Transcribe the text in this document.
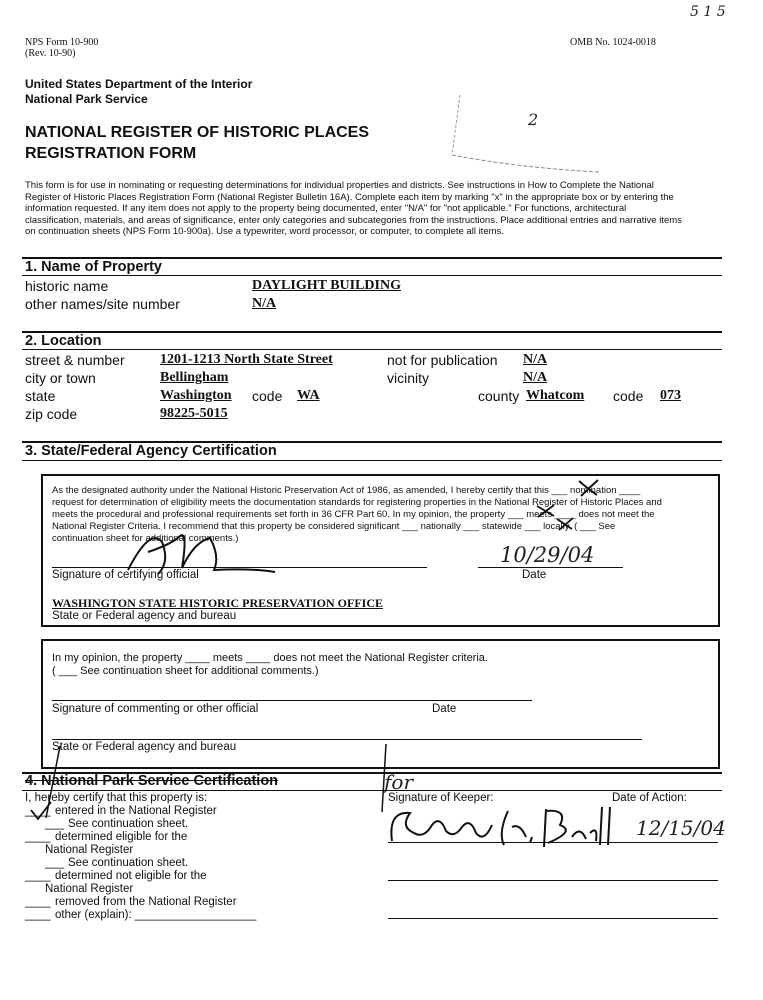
5 1 5
NPS Form 10-900
(Rev. 10-90)
OMB No. 1024-0018
United States Department of the Interior
National Park Service
NATIONAL REGISTER OF HISTORIC PLACES
REGISTRATION FORM
2
This form is for use in nominating or requesting determinations for individual properties and districts. See instructions in How to Complete the National
Register of Historic Places Registration Form (National Register Bulletin 16A). Complete each item by marking "x" in the appropriate box or by entering the
information requested. If any item does not apply to the property being documented, enter "N/A" for "not applicable." For functions, architectural
classification, materials, and areas of significance, enter only categories and subcategories from the instructions. Place additional entries and narrative items
on continuation sheets (NPS Form 10-900a). Use a typewriter, word processor, or computer, to complete all items.
1. Name of Property
historic name	DAYLIGHT BUILDING
other names/site number	N/A
2. Location
street & number	1201-1213 North State Street	not for publication N/A
city or town	Bellingham	vicinity	N/A
state	Washington code WA	county Whatcom code 073
zip code	98225-5015
3. State/Federal Agency Certification
As the designated authority under the National Historic Preservation Act of 1986, as amended, I hereby certify that this ___ nomination ____
request for determination of eligibility meets the documentation standards for registering properties in the National Register of Historic Places and
meets the procedural and professional requirements set forth in 36 CFR Part 60. In my opinion, the property ___ meets ____ does not meet the
National Register Criteria. I recommend that this property be considered significant ___ nationally ___ statewide ___ locally. ( ___ See
continuation sheet for additional comments.)
Signature of certifying official
10/29/04
Date
WASHINGTON STATE HISTORIC PRESERVATION OFFICE
State or Federal agency and bureau
In my opinion, the property ____ meets ____ does not meet the National Register criteria.
( ___ See continuation sheet for additional comments.)
Signature of commenting or other official	Date
State or Federal agency and bureau
4. National Park Service Certification
I, hereby certify that this property is:
____ entered in the National Register
___ See continuation sheet.
____ determined eligible for the
National Register
___ See continuation sheet.
____ determined not eligible for the
National Register
____ removed from the National Register
____ other (explain): ___________________
for
Signature of Keeper:	Date of Action:
12/15/04
